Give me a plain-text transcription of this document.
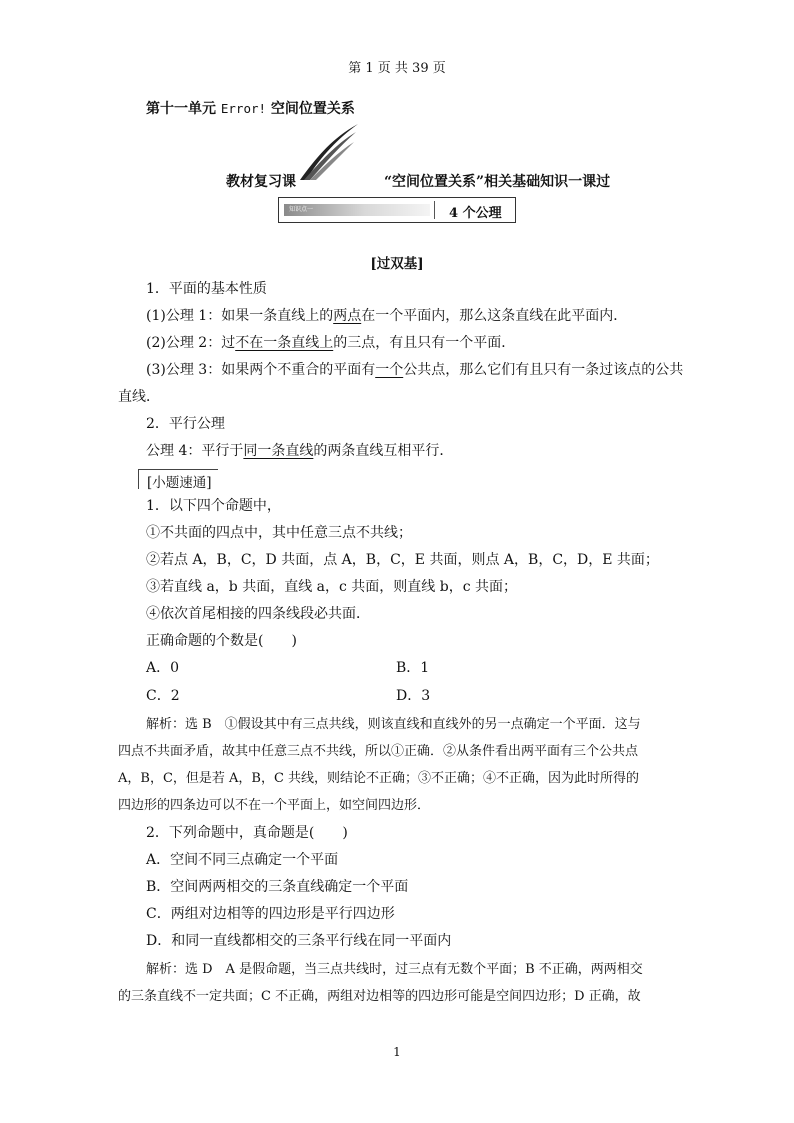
第 1 页 共 39 页
第十一单元 Error! 空间位置关系
教材复习课	“空间位置关系”相关基础知识一课过
知识点一	4 个公理
[过双基]
1．平面的基本性质
(1)公理 1：如果一条直线上的两点在一个平面内，那么这条直线在此平面内．
(2)公理 2：过不在一条直线上的三点，有且只有一个平面．
(3)公理 3：如果两个不重合的平面有一个公共点，那么它们有且只有一条过该点的公共
直线．
2．平行公理
公理 4：平行于同一条直线的两条直线互相平行．
[小题速通]
1．以下四个命题中，
①不共面的四点中，其中任意三点不共线；
②若点 A，B，C，D 共面，点 A，B，C，E 共面，则点 A，B，C，D，E 共面；
③若直线 a，b 共面，直线 a，c 共面，则直线 b，c 共面；
④依次首尾相接的四条线段必共面．
正确命题的个数是(　　)
A．0	B．1
C．2	D．3
解析：选 B　①假设其中有三点共线，则该直线和直线外的另一点确定一个平面．这与
四点不共面矛盾，故其中任意三点不共线，所以①正确．②从条件看出两平面有三个公共点
A，B，C，但是若 A，B，C 共线，则结论不正确；③不正确；④不正确，因为此时所得的
四边形的四条边可以不在一个平面上，如空间四边形．
2．下列命题中，真命题是(　　)
A．空间不同三点确定一个平面
B．空间两两相交的三条直线确定一个平面
C．两组对边相等的四边形是平行四边形
D．和同一直线都相交的三条平行线在同一平面内
解析：选 D　A 是假命题，当三点共线时，过三点有无数个平面；B 不正确，两两相交
的三条直线不一定共面；C 不正确，两组对边相等的四边形可能是空间四边形；D 正确，故
1
